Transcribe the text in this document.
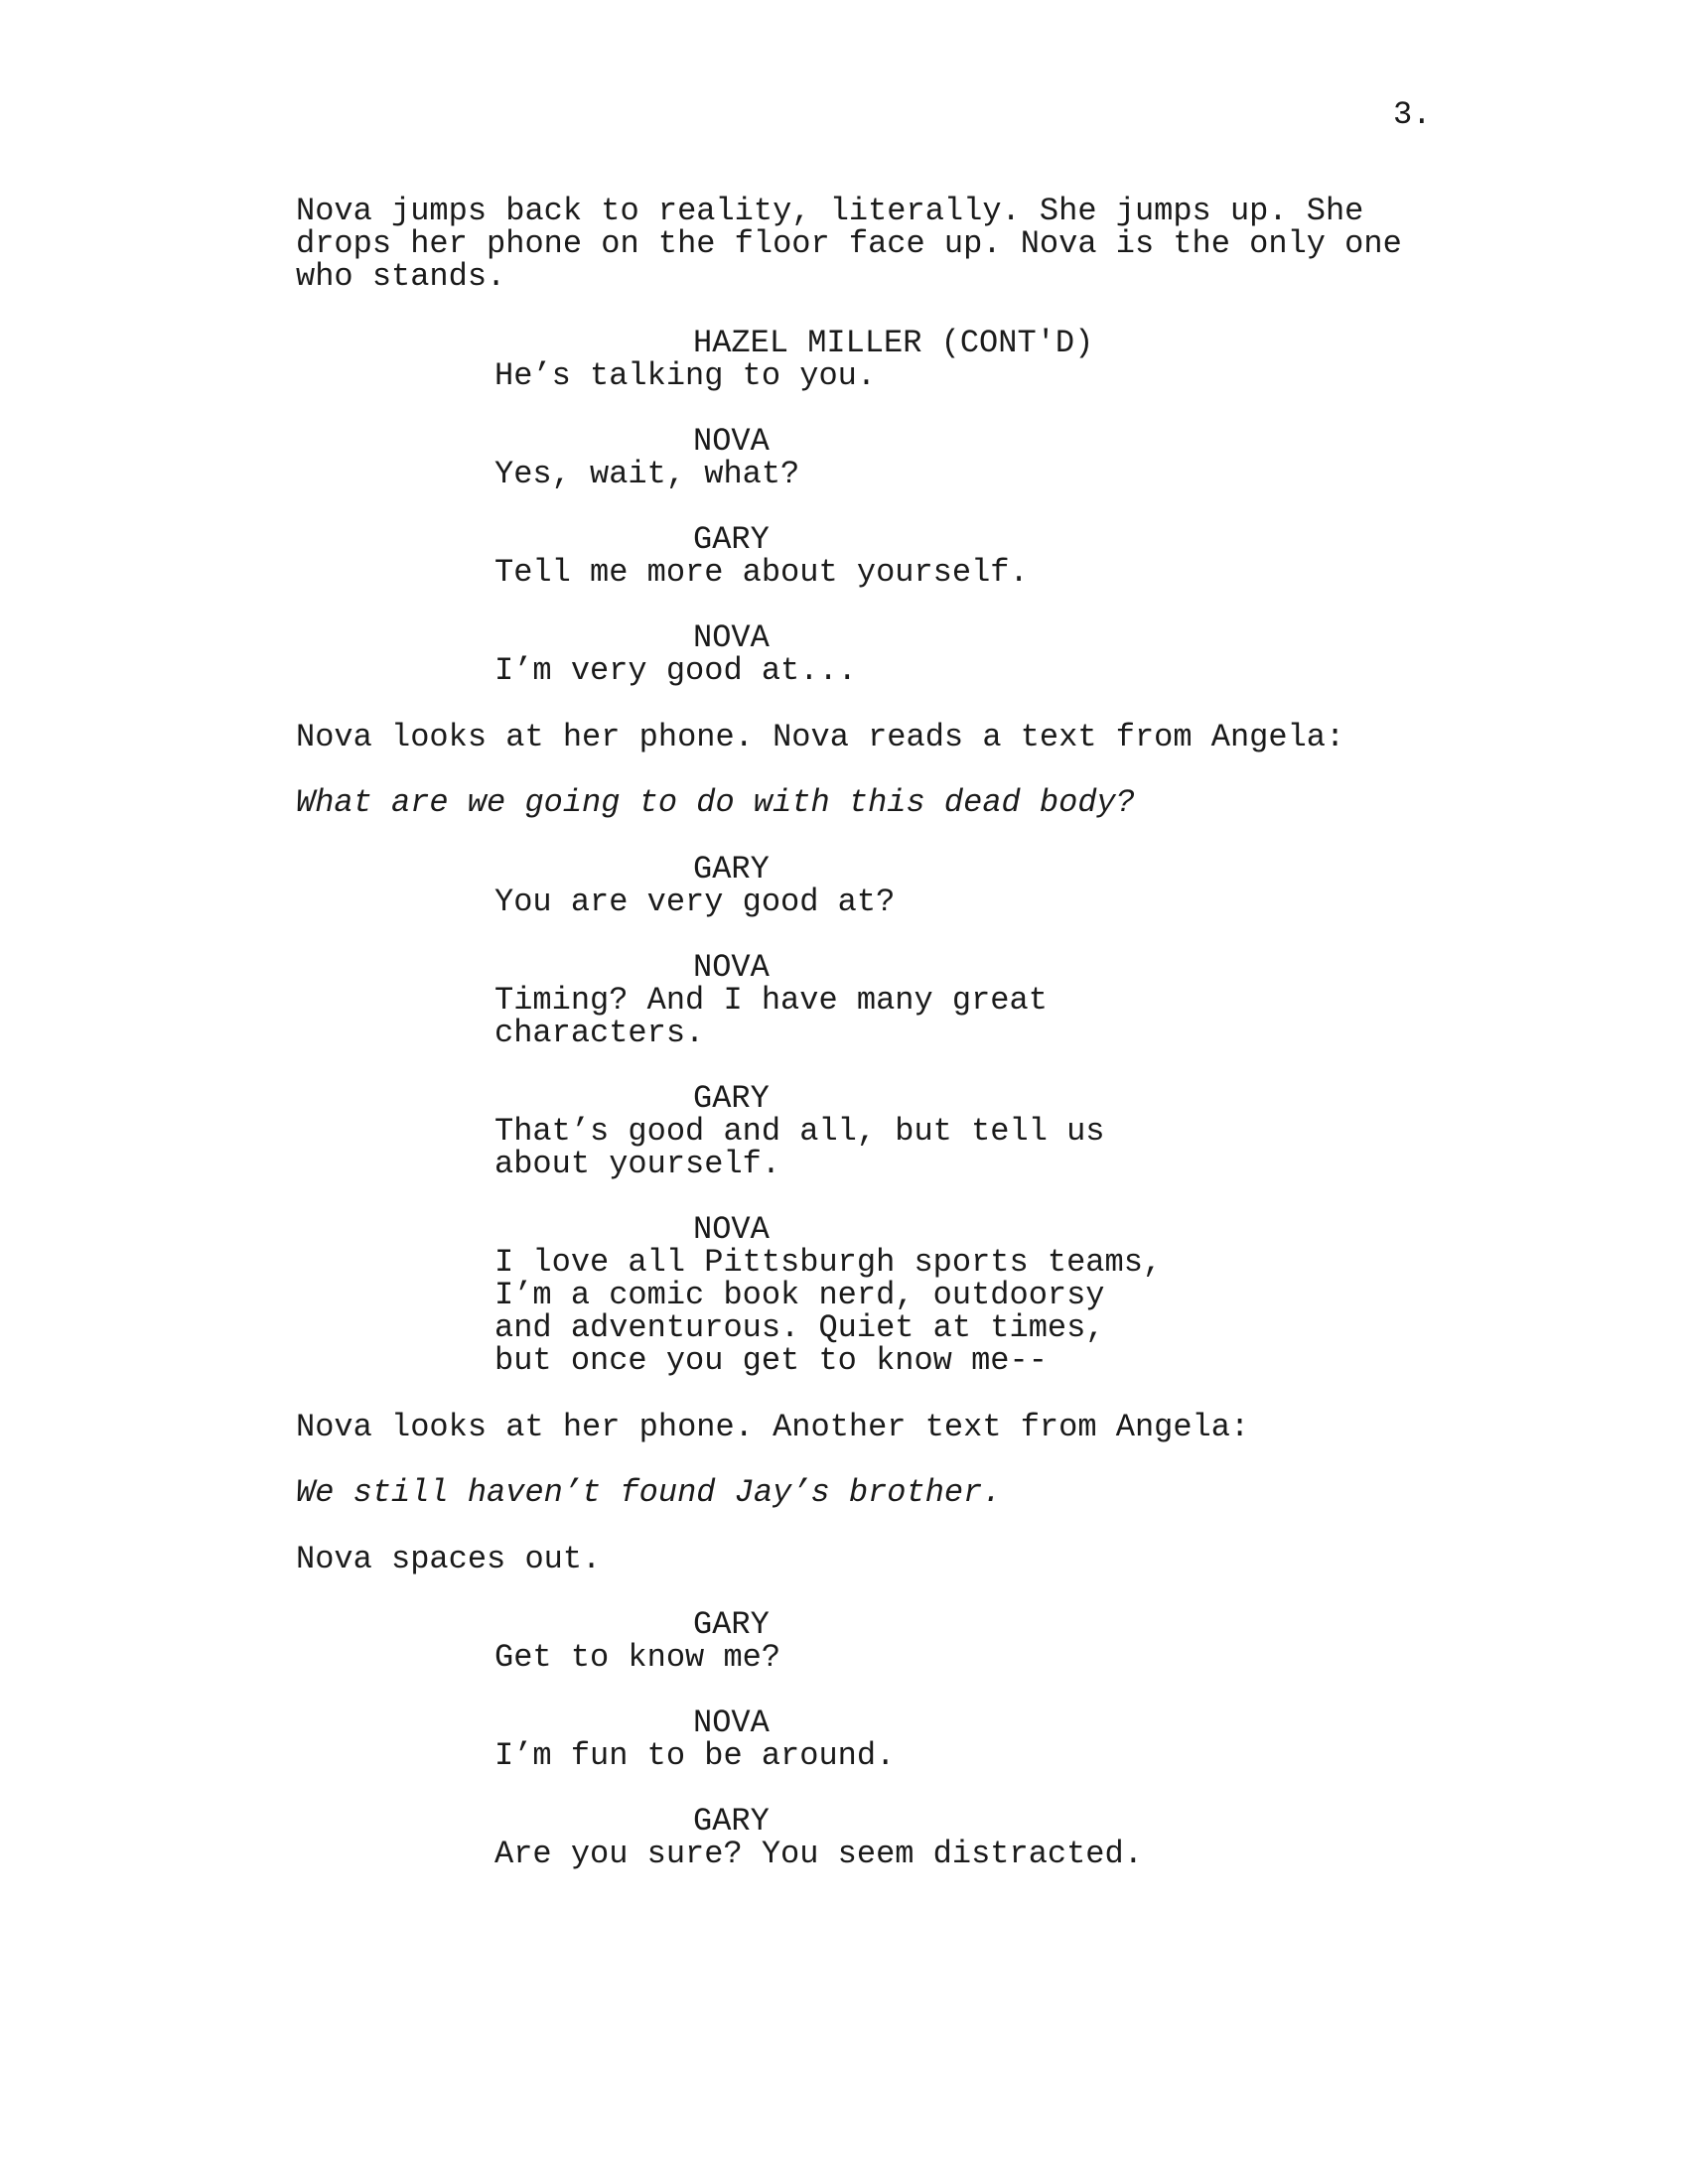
3.

Nova jumps back to reality, literally. She jumps up. She

drops her phone on the floor face up. Nova is the only one

who stands.

HAZEL MILLER (CONT'D)

He’s talking to you.

NOVA

Yes, wait, what?

GARY

Tell me more about yourself.

NOVA

I’m very good at...

Nova looks at her phone. Nova reads a text from Angela:

What are we going to do with this dead body?

GARY

You are very good at?

NOVA

Timing? And I have many great

characters.

GARY

That’s good and all, but tell us

about yourself.

NOVA

I love all Pittsburgh sports teams,

I’m a comic book nerd, outdoorsy

and adventurous. Quiet at times,

but once you get to know me--

Nova looks at her phone. Another text from Angela:

We still haven’t found Jay’s brother.

Nova spaces out.

GARY

Get to know me?

NOVA

I’m fun to be around.

GARY

Are you sure? You seem distracted.
